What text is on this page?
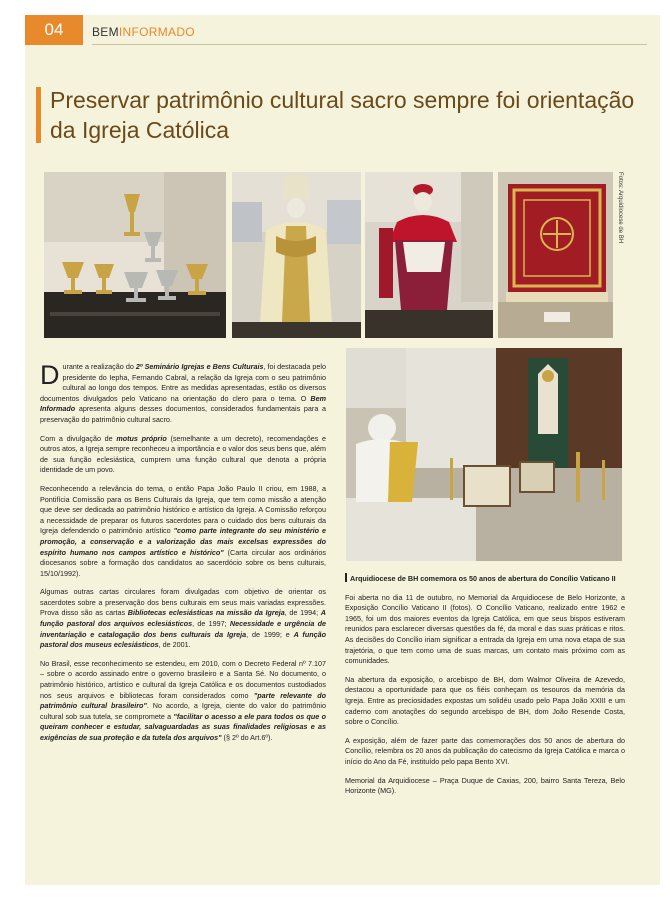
04	BEMINFORMADO
Preservar patrimônio cultural sacro sempre foi orientação
da Igreja Católica
Fotos: Arquidiocese de BH

Durante a realização do 2º Seminário Igrejas e Bens Culturais, foi destacada pelo presidente do Iepha, Fernando Cabral, a relação da Igreja com o seu patrimônio cultural ao longo dos tempos. Entre as medidas apresentadas, estão os diversos documentos divulgados pelo Vaticano na orientação do clero para o tema. O Bem Informado apresenta alguns desses documentos, considerados fundamentais para a preservação do patrimônio cultural sacro.

Com a divulgação de motus próprio (semelhante a um decreto), recomendações e outros atos, a Igreja sempre reconheceu a importância e o valor dos seus bens que, além de sua função eclesiástica, cumprem uma função cultural que denota a própria identidade de um povo.

Reconhecendo a relevância do tema, o então Papa João Paulo II criou, em 1988, a Pontifícia Comissão para os Bens Culturais da Igreja, que tem como missão a atenção que deve ser dedicada ao patrimônio histórico e artístico da Igreja. A Comissão reforçou a necessidade de preparar os futuros sacerdotes para o cuidado dos bens culturais da Igreja defendendo o patrimônio artístico "como parte integrante do seu ministério e promoção, a conservação e a valorização das mais excelsas expressões do espírito humano nos campos artístico e histórico" (Carta circular aos ordinários diocesanos sobre a formação dos candidatos ao sacerdócio sobre os bens culturais, 15/10/1992).

Algumas outras cartas circulares foram divulgadas com objetivo de orientar os sacerdotes sobre a preservação dos bens culturais em seus mais variadas expressões. Prova disso são as cartas Bibliotecas eclesiásticas na missão da Igreja, de 1994; A função pastoral dos arquivos eclesiásticos, de 1997; Necessidade e urgência de inventariação e catalogação dos bens culturais da Igreja, de 1999; e A função pastoral dos museus eclesiásticos, de 2001.

No Brasil, esse reconhecimento se estendeu, em 2010, com o Decreto Federal nº 7.107 – sobre o acordo assinado entre o governo brasileiro e a Santa Sé. No documento, o patrimônio histórico, artístico e cultural da Igreja Católica e os documentos custodiados nos seus arquivos e bibliotecas foram considerados como "parte relevante do patrimônio cultural brasileiro". No acordo, a Igreja, ciente do valor do patrimônio cultural sob sua tutela, se compromete a "facilitar o acesso a ele para todos os que o queiram conhecer e estudar, salvaguardadas as suas finalidades religiosas e as exigências de sua proteção e da tutela dos arquivos" (§ 2º do Art.6º).

Arquidiocese de BH comemora os 50 anos de abertura do Concílio Vaticano II

Foi aberta no dia 11 de outubro, no Memorial da Arquidiocese de Belo Horizonte, a Exposição Concílio Vaticano II (fotos). O Concílio Vaticano, realizado entre 1962 e 1965, foi um dos maiores eventos da Igreja Católica, em que seus bispos estiveram reunidos para esclarecer diversas questões da fé, da moral e das suas práticas e ritos. As decisões do Concílio iriam significar a entrada da Igreja em uma nova etapa de sua trajetória, o que tem como uma de suas marcas, um contato mais próximo com as comunidades.

Na abertura da exposição, o arcebispo de BH, dom Walmor Oliveira de Azevedo, destacou a oportunidade para que os fiéis conheçam os tesouros da memória da Igreja. Entre as preciosidades expostas um solidéu usado pelo Papa João XXIII e um caderno com anotações do segundo arcebispo de BH, dom João Resende Costa, sobre o Concílio.

A exposição, além de fazer parte das comemorações dos 50 anos de abertura do Concílio, relembra os 20 anos da publicação do catecismo da Igreja Católica e marca o início do Ano da Fé, instituído pelo papa Bento XVI.

Memorial da Arquidiocese – Praça Duque de Caxias, 200, bairro Santa Tereza, Belo Horizonte (MG).
